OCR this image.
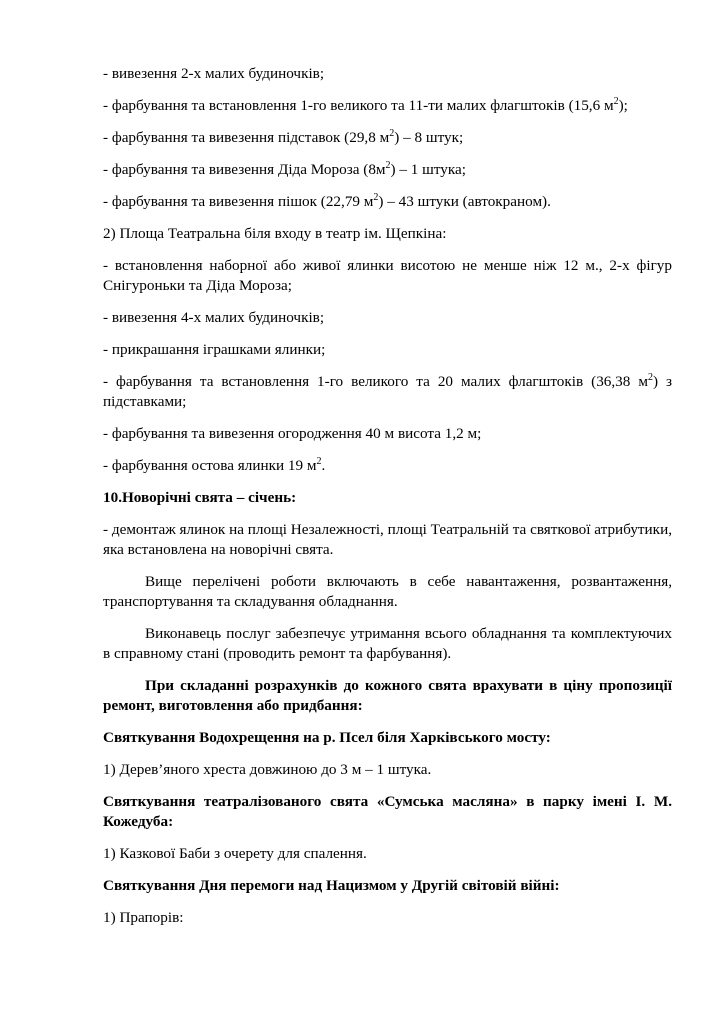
- вивезення 2-х малих будиночків;

- фарбування та встановлення 1-го великого та 11-ти малих флагштоків (15,6 $м^2$);

- фарбування та вивезення підставок (29,8 $м^2) - 8$ штук;

- фарбування та вивезення Діда Мороза $(8м^2) - 1$ штука;

- фарбування та вивезення пішок (22,79 $м^2) - 43$ штуки (автокраном).

2) Площа Театральна біля входу в театр ім. Щепкіна:

- встановлення наборної або живої ялинки висотою не менше ніж 12 м., 2-х фігур Снігуроньки та Діда Мороза;

- вивезення 4-х малих будиночків;

- прикрашання іграшками ялинки;

- фарбування та встановлення 1-го великого та 20 малих флагштоків (36,38 $м^2$) з підставками;

- фарбування та вивезення огородження 40 м висота 1,2 м;

- фарбування остова ялинки 19 $м^2$.

10.Новорічні свята – січень:

- демонтаж ялинок на площі Незалежності, площі Театральній та святкової атрибутики, яка встановлена на новорічні свята.

Вище перелічені роботи включають в себе навантаження, розвантаження, транспортування та складування обладнання.

Виконавець послуг забезпечує утримання всього обладнання та комплектуючих в справному стані (проводить ремонт та фарбування).

При складанні розрахунків до кожного свята врахувати в ціну пропозиції ремонт, виготовлення або придбання:

Святкування Водохрещення на р. Псел біля Харківського мосту:

1) Дерев’яного хреста довжиною до 3 м – 1 штука.

Святкування театралізованого свята «Сумська масляна» в парку імені І. М. Кожедуба:

1) Казкової Баби з очерету для спалення.

Святкування Дня перемоги над Нацизмом у Другій світовій війні:

1) Прапорів:
